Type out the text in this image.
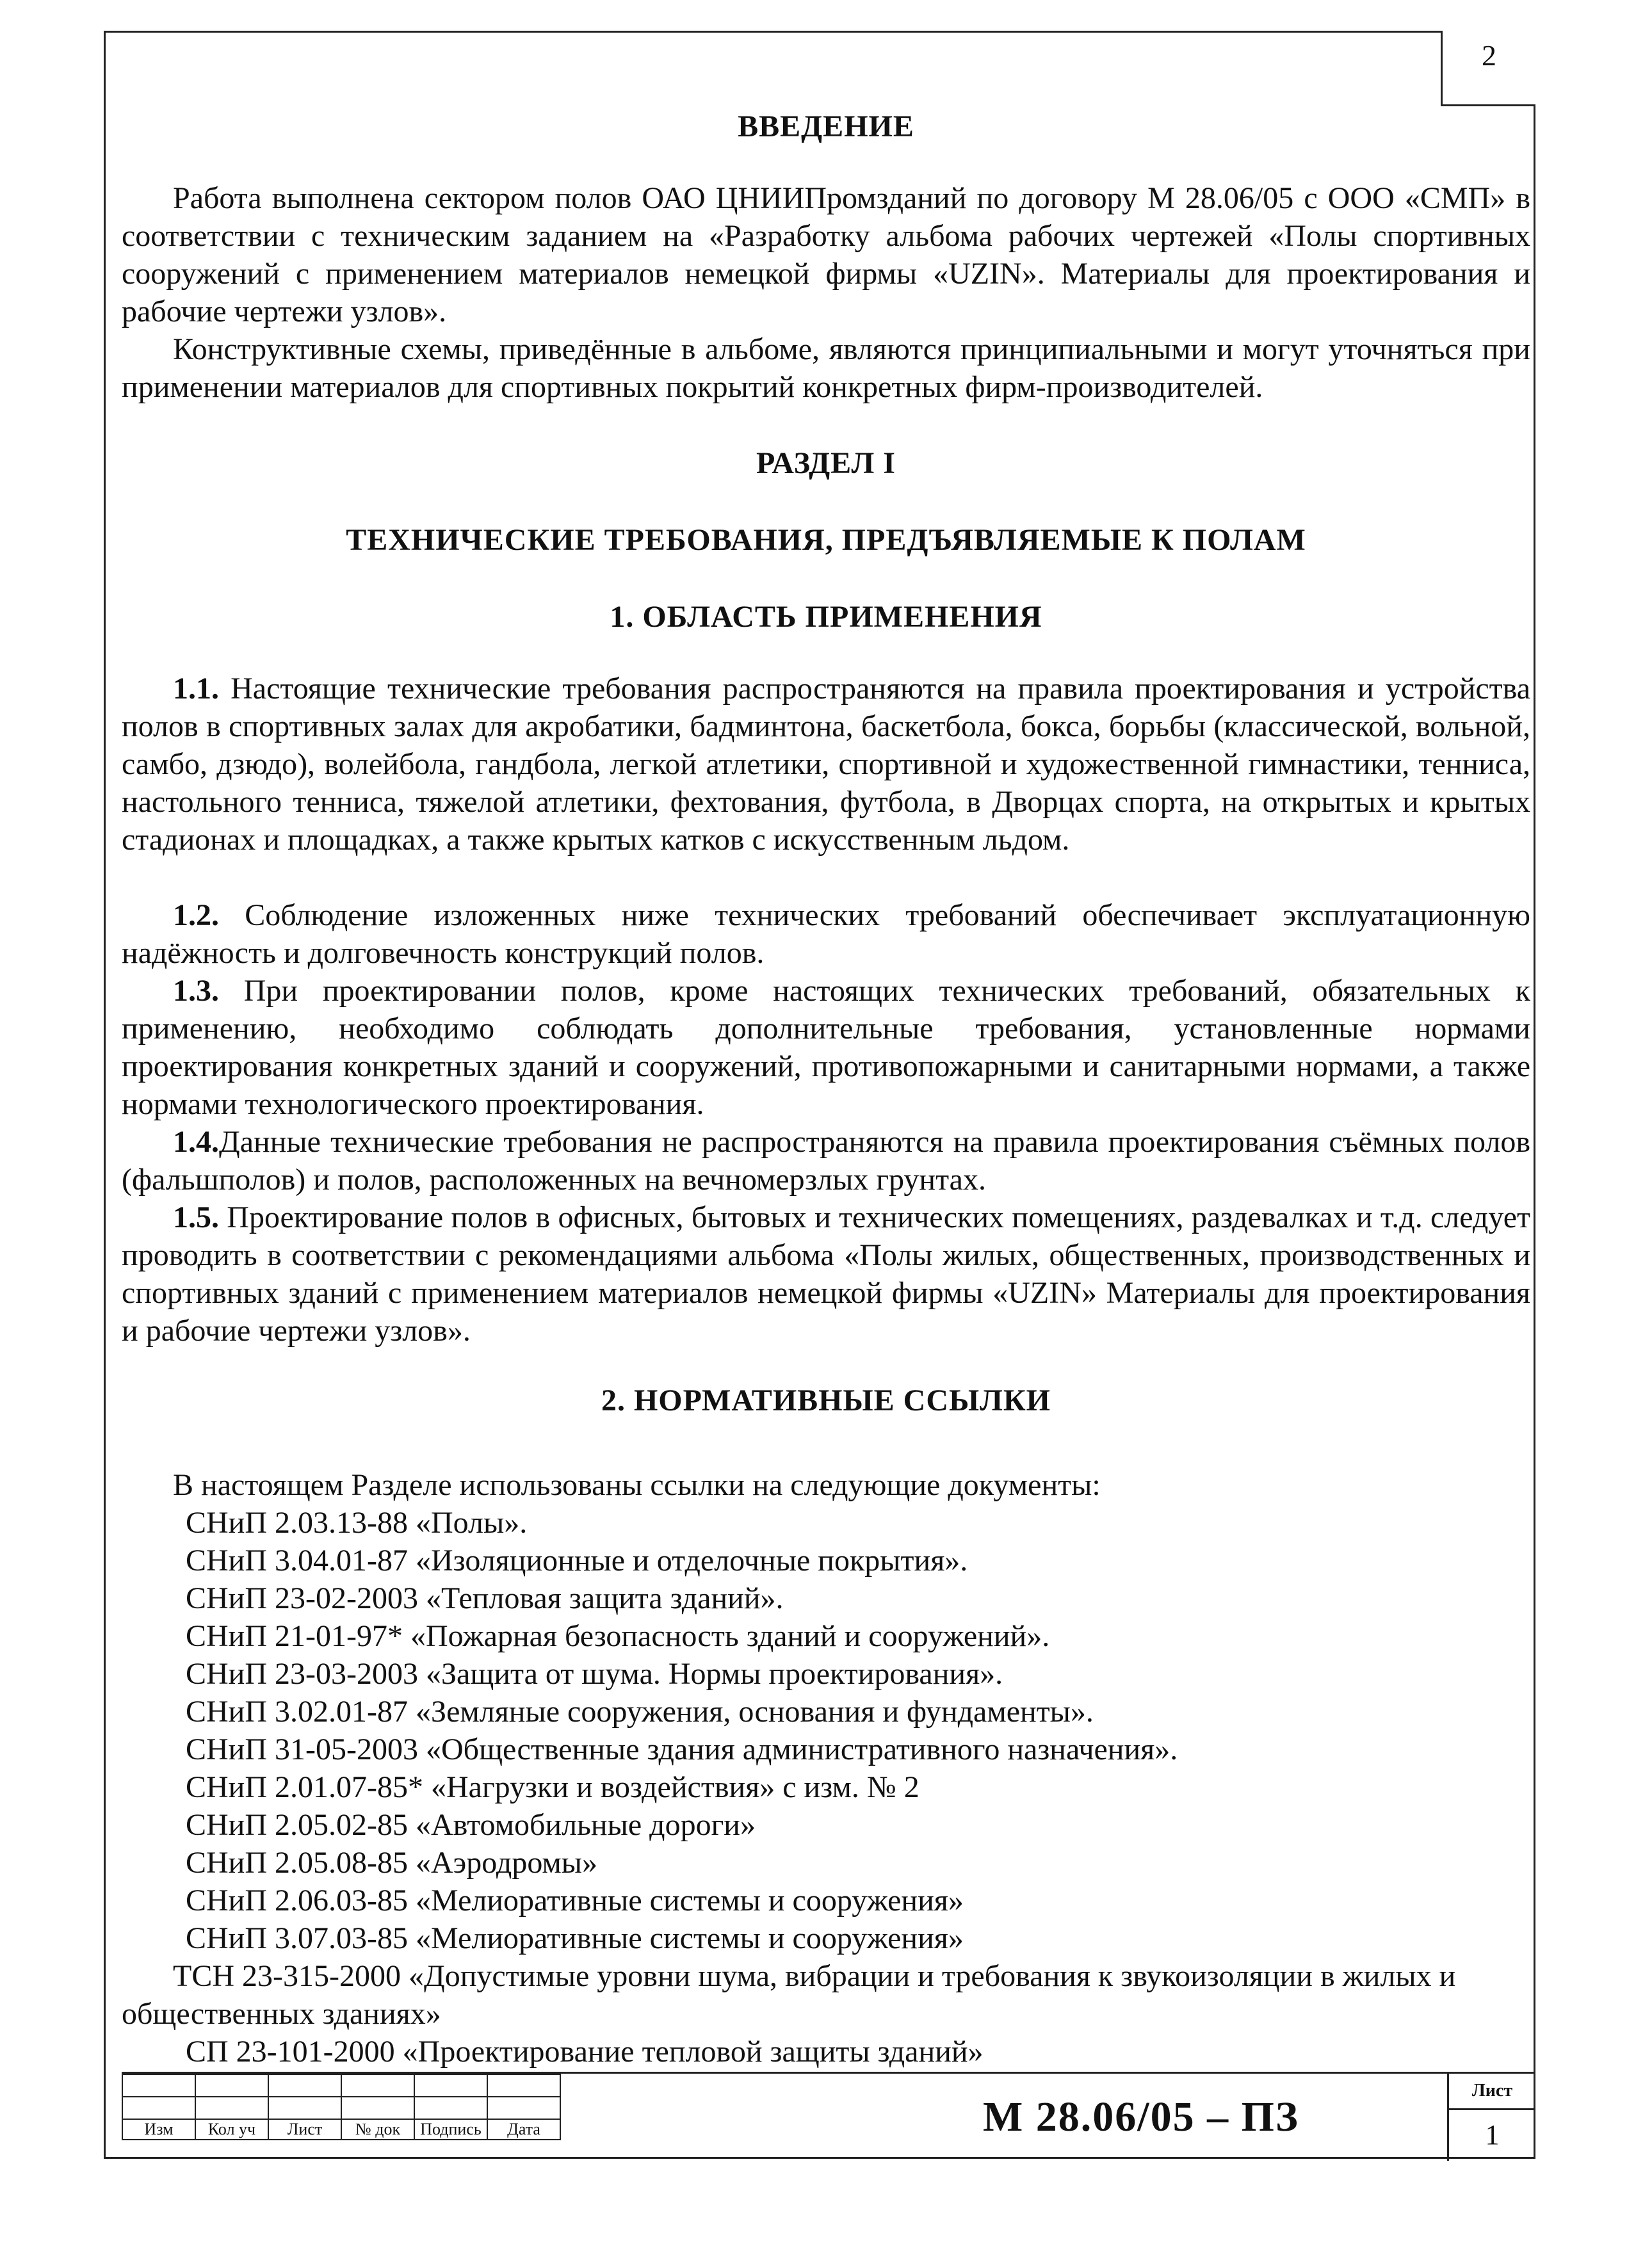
2
ВВЕДЕНИЕ
Работа выполнена сектором полов ОАО ЦНИИПромзданий по договору М 28.06/05 с ООО «СМП» в соответствии с техническим заданием на «Разработку альбома рабочих чертежей «Полы спортивных сооружений с применением материалов немецкой фирмы «UZIN». Материалы для проектирования и рабочие чертежи узлов».
Конструктивные схемы, приведённые в альбоме, являются принципиальными и могут уточняться при применении материалов для спортивных покрытий конкретных фирм-производителей.
РАЗДЕЛ I
ТЕХНИЧЕСКИЕ ТРЕБОВАНИЯ, ПРЕДЪЯВЛЯЕМЫЕ К ПОЛАМ
1. ОБЛАСТЬ ПРИМЕНЕНИЯ
1.1. Настоящие технические требования распространяются на правила проектирования и устройства полов в спортивных залах для акробатики, бадминтона, баскетбола, бокса, борьбы (классической, вольной, самбо, дзюдо), волейбола, гандбола, легкой атлетики, спортивной и художественной гимнастики, тенниса, настольного тенниса, тяжелой атлетики, фехтования, футбола, в Дворцах спорта, на открытых и крытых стадионах и площадках, а также крытых катков с искусственным льдом.
1.2. Соблюдение изложенных ниже технических требований обеспечивает эксплуатационную надёжность и долговечность конструкций полов.
1.3. При проектировании полов, кроме настоящих технических требований, обязательных к применению, необходимо соблюдать дополнительные требования, установленные нормами проектирования конкретных зданий и сооружений, противопожарными и санитарными нормами, а также нормами технологического проектирования.
1.4.Данные технические требования не распространяются на правила проектирования съёмных полов (фальшполов) и полов, расположенных на вечномерзлых грунтах.
1.5. Проектирование полов в офисных, бытовых и технических помещениях, раздевалках и т.д. следует проводить в соответствии с рекомендациями альбома «Полы жилых, общественных, производственных и спортивных зданий с применением материалов немецкой фирмы «UZIN» Материалы для проектирования и рабочие чертежи узлов».
2. НОРМАТИВНЫЕ ССЫЛКИ
В настоящем Разделе использованы ссылки на следующие документы:
СНиП 2.03.13-88 «Полы».
СНиП 3.04.01-87 «Изоляционные и отделочные покрытия».
СНиП 23-02-2003 «Тепловая защита зданий».
СНиП 21-01-97* «Пожарная безопасность зданий и сооружений».
СНиП 23-03-2003 «Защита от шума. Нормы проектирования».
СНиП 3.02.01-87 «Земляные сооружения, основания и фундаменты».
СНиП 31-05-2003 «Общественные здания административного назначения».
СНиП 2.01.07-85* «Нагрузки и воздействия» с изм. № 2
СНиП 2.05.02-85 «Автомобильные дороги»
СНиП 2.05.08-85 «Аэродромы»
СНиП 2.06.03-85 «Мелиоративные системы и сооружения»
СНиП 3.07.03-85 «Мелиоративные системы и сооружения»
ТСН 23-315-2000 «Допустимые уровни шума, вибрации и требования к звукоизоляции в жилых и общественных зданиях»
СП 23-101-2000 «Проектирование тепловой защиты зданий»

Изм	Кол уч	Лист	№ док	Подпись	Дата	М 28.06/05 – ПЗ
Лист
1
